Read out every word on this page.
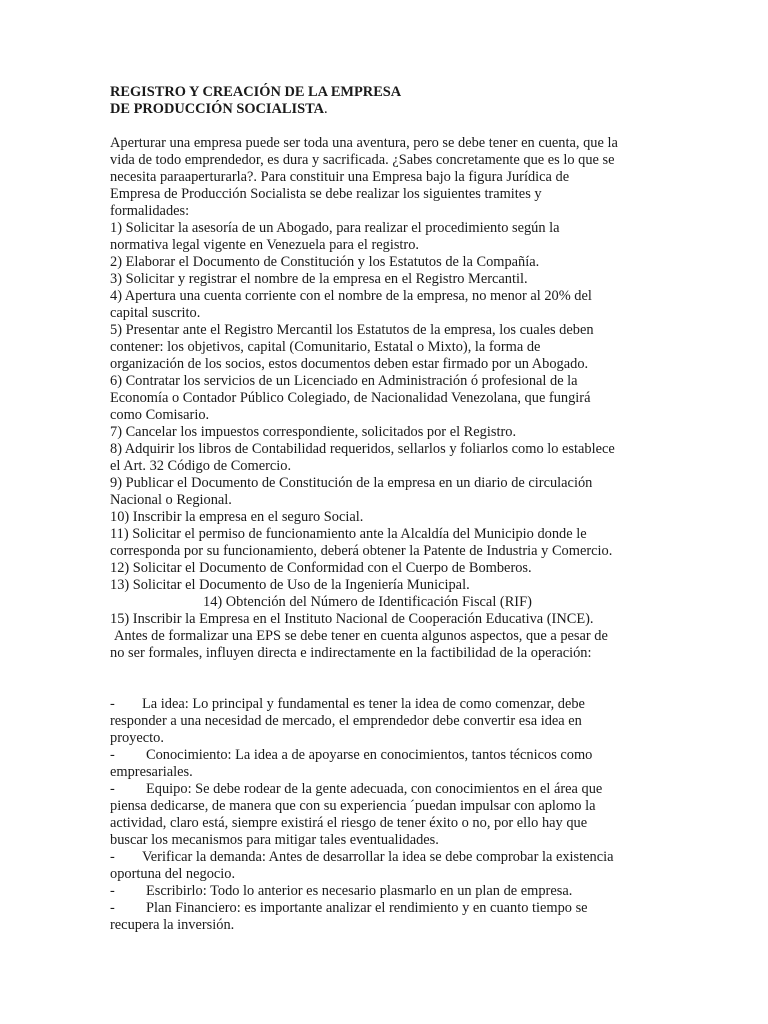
REGISTRO Y CREACIÓN DE LA EMPRESA
DE PRODUCCIÓN SOCIALISTA.
Aperturar una empresa puede ser toda una aventura, pero se debe tener en cuenta, que la
vida de todo emprendedor, es dura y sacrificada. ¿Sabes concretamente que es lo que se
necesita paraaperturarla?. Para constituir una Empresa bajo la figura Jurídica de
Empresa de Producción Socialista se debe realizar los siguientes tramites y
formalidades:
1) Solicitar la asesoría de un Abogado, para realizar el procedimiento según la
normativa legal vigente en Venezuela para el registro.
2) Elaborar el Documento de Constitución y los Estatutos de la Compañía.
3) Solicitar y registrar el nombre de la empresa en el Registro Mercantil.
4) Apertura una cuenta corriente con el nombre de la empresa, no menor al 20% del
capital suscrito.
5) Presentar ante el Registro Mercantil los Estatutos de la empresa, los cuales deben
contener: los objetivos, capital (Comunitario, Estatal o Mixto), la forma de
organización de los socios, estos documentos deben estar firmado por un Abogado.
6) Contratar los servicios de un Licenciado en Administración ó profesional de la
Economía o Contador Público Colegiado, de Nacionalidad Venezolana, que fungirá
como Comisario.
7) Cancelar los impuestos correspondiente, solicitados por el Registro.
8) Adquirir los libros de Contabilidad requeridos, sellarlos y foliarlos como lo establece
el Art. 32 Código de Comercio.
9) Publicar el Documento de Constitución de la empresa en un diario de circulación
Nacional o Regional.
10) Inscribir la empresa en el seguro Social.
11) Solicitar el permiso de funcionamiento ante la Alcaldía del Municipio donde le
corresponda por su funcionamiento, deberá obtener la Patente de Industria y Comercio.
12) Solicitar el Documento de Conformidad con el Cuerpo de Bomberos.
13) Solicitar el Documento de Uso de la Ingeniería Municipal.
14) Obtención del Número de Identificación Fiscal (RIF)
15) Inscribir la Empresa en el Instituto Nacional de Cooperación Educativa (INCE).
Antes de formalizar una EPS se debe tener en cuenta algunos aspectos, que a pesar de
no ser formales, influyen directa e indirectamente en la factibilidad de la operación:
- La idea: Lo principal y fundamental es tener la idea de como comenzar, debe
responder a una necesidad de mercado, el emprendedor debe convertir esa idea en
proyecto.
- Conocimiento: La idea a de apoyarse en conocimientos, tantos técnicos como
empresariales.
- Equipo: Se debe rodear de la gente adecuada, con conocimientos en el área que
piensa dedicarse, de manera que con su experiencia ´puedan impulsar con aplomo la
actividad, claro está, siempre existirá el riesgo de tener éxito o no, por ello hay que
buscar los mecanismos para mitigar tales eventualidades.
- Verificar la demanda: Antes de desarrollar la idea se debe comprobar la existencia
oportuna del negocio.
- Escribirlo: Todo lo anterior es necesario plasmarlo en un plan de empresa.
- Plan Financiero: es importante analizar el rendimiento y en cuanto tiempo se
recupera la inversión.
